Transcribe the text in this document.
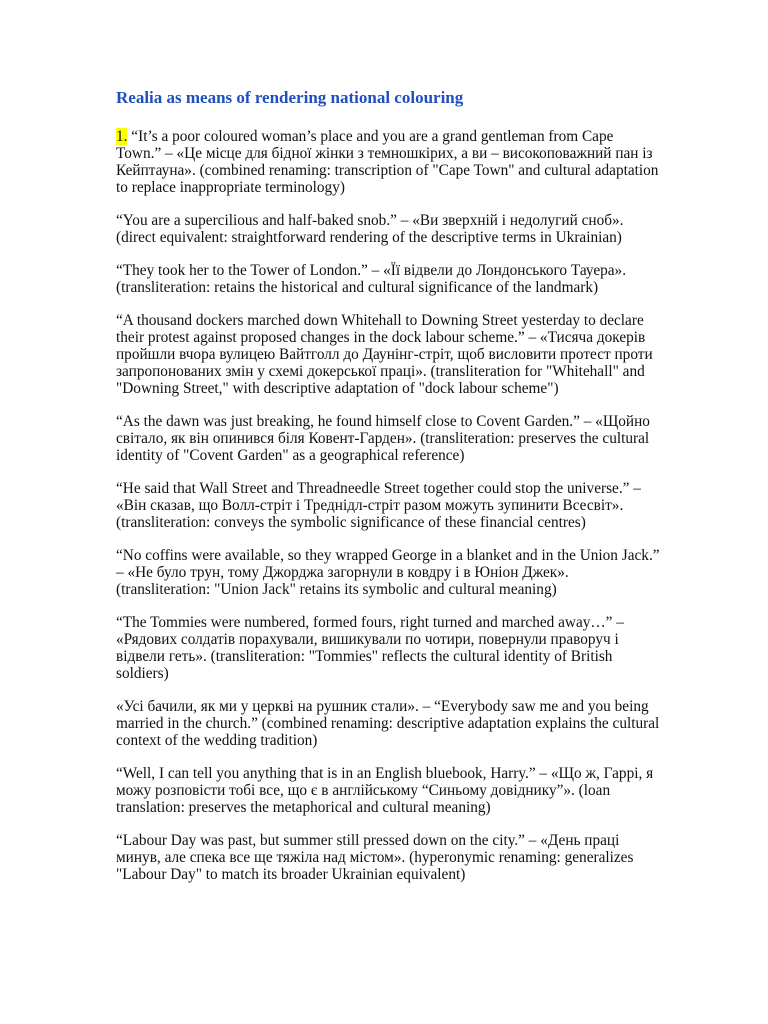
Realia as means of rendering national colouring

1. “It’s a poor coloured woman’s place and you are a grand gentleman from Cape Town.” – «Це місце для бідної жінки з темношкірих, а ви – високоповажний пан із Кейптауна». (combined renaming: transcription of "Cape Town" and cultural adaptation to replace inappropriate terminology)

“You are a supercilious and half-baked snob.” – «Ви зверхній і недолугий сноб». (direct equivalent: straightforward rendering of the descriptive terms in Ukrainian)

“They took her to the Tower of London.” – «Її відвели до Лондонського Тауера». (transliteration: retains the historical and cultural significance of the landmark)

“A thousand dockers marched down Whitehall to Downing Street yesterday to declare their protest against proposed changes in the dock labour scheme.” – «Тисяча докерів пройшли вчора вулицею Вайтголл до Даунінг-стріт, щоб висловити протест проти запропонованих змін у схемі докерської праці». (transliteration for "Whitehall" and "Downing Street," with descriptive adaptation of "dock labour scheme")

“As the dawn was just breaking, he found himself close to Covent Garden.” – «Щойно світало, як він опинився біля Ковент-Гарден». (transliteration: preserves the cultural identity of "Covent Garden" as a geographical reference)

“He said that Wall Street and Threadneedle Street together could stop the universe.” – «Він сказав, що Волл-стріт і Треднідл-стріт разом можуть зупинити Всесвіт». (transliteration: conveys the symbolic significance of these financial centres)

“No coffins were available, so they wrapped George in a blanket and in the Union Jack.” – «Не було трун, тому Джорджа загорнули в ковдру і в Юніон Джек». (transliteration: "Union Jack" retains its symbolic and cultural meaning)

“The Tommies were numbered, formed fours, right turned and marched away…” – «Рядових солдатів порахували, вишикували по чотири, повернули праворуч і відвели геть». (transliteration: "Tommies" reflects the cultural identity of British soldiers)

«Усі бачили, як ми у церкві на рушник стали». – “Everybody saw me and you being married in the church.” (combined renaming: descriptive adaptation explains the cultural context of the wedding tradition)

“Well, I can tell you anything that is in an English bluebook, Harry.” – «Що ж, Гаррі, я можу розповісти тобі все, що є в англійському “Синьому довіднику”». (loan translation: preserves the metaphorical and cultural meaning)

“Labour Day was past, but summer still pressed down on the city.” – «День праці минув, але спека все ще тяжіла над містом». (hyperonymic renaming: generalizes "Labour Day" to match its broader Ukrainian equivalent)
